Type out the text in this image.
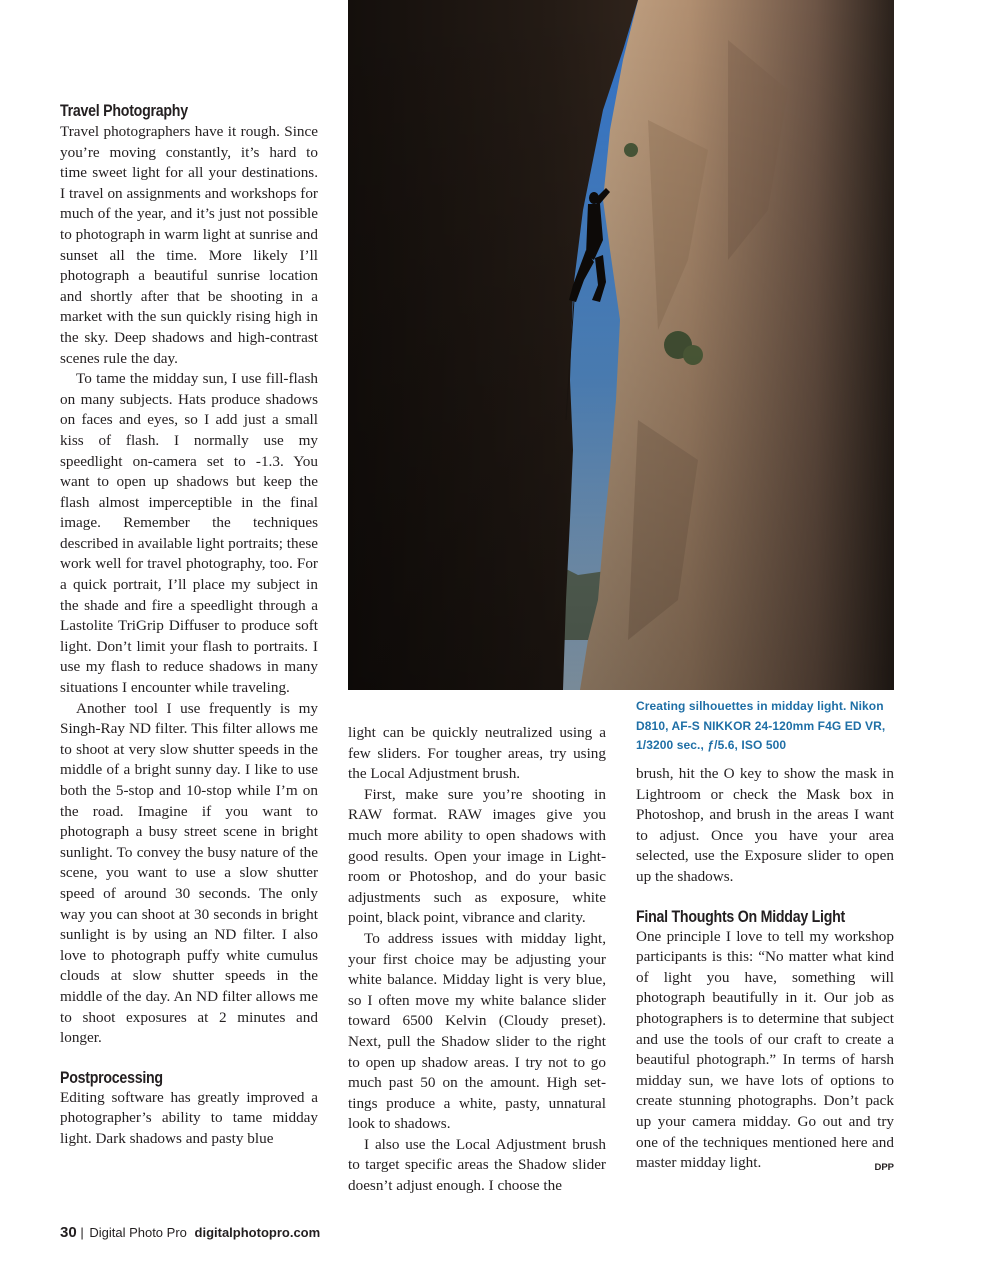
Creating silhouettes in midday light. Nikon D810, AF-S NIKKOR 24-120mm F4G ED VR, 1/3200 sec., ƒ/5.6, ISO 500
Travel Photography

Travel photographers have it rough. Since you’re moving constantly, it’s hard to time sweet light for all your destinations. I travel on assignments and workshops for much of the year, and it’s just not possible to photograph in warm light at sunrise and sunset all the time. More likely I’ll photograph a beautiful sunrise location and shortly after that be shooting in a market with the sun quickly rising high in the sky. Deep shadows and high-contrast scenes rule the day.

To tame the midday sun, I use fill-flash on many subjects. Hats produce shadows on faces and eyes, so I add just a small kiss of flash. I normally use my speedlight on-camera set to -1.3. You want to open up shadows but keep the flash almost imperceptible in the final image. Remember the techniques described in available light portraits; these work well for travel photography, too. For a quick portrait, I’ll place my subject in the shade and fire a speedlight through a Lastolite TriGrip Diffuser to produce soft light. Don’t limit your flash to portraits. I use my flash to reduce shadows in many situations I encounter while traveling.

Another tool I use frequently is my Singh-Ray ND filter. This filter allows me to shoot at very slow shutter speeds in the middle of a bright sunny day. I like to use both the 5-stop and 10-stop while I’m on the road. Imagine if you want to photograph a busy street scene in bright sunlight. To convey the busy nature of the scene, you want to use a slow shutter speed of around 30 seconds. The only way you can shoot at 30 seconds in bright sunlight is by using an ND filter. I also love to photograph puffy white cumulus clouds at slow shutter speeds in the middle of the day. An ND filter allows me to shoot exposures at 2 minutes and longer.

Postprocessing

Editing software has greatly improved a photographer’s ability to tame midday light. Dark shadows and pasty blue

light can be quickly neutralized using a few sliders. For tougher areas, try using the Local Adjustment brush.

First, make sure you’re shooting in RAW format. RAW images give you much more ability to open shadows with good results. Open your image in Lightroom or Photoshop, and do your basic adjustments such as exposure, white point, black point, vibrance and clarity.

To address issues with midday light, your first choice may be adjusting your white balance. Midday light is very blue, so I often move my white balance slider toward 6500 Kelvin (Cloudy preset). Next, pull the Shadow slider to the right to open up shadow areas. I try not to go much past 50 on the amount. High settings produce a white, pasty, unnatural look to shadows.

I also use the Local Adjustment brush to target specific areas the Shadow slider doesn’t adjust enough. I choose the

brush, hit the O key to show the mask in Lightroom or check the Mask box in Photoshop, and brush in the areas I want to adjust. Once you have your area selected, use the Exposure slider to open up the shadows.

Final Thoughts On Midday Light

One principle I love to tell my workshop participants is this: “No matter what kind of light you have, something will photograph beautifully in it. Our job as photographers is to determine that subject and use the tools of our craft to create a beautiful photograph.” In terms of harsh midday sun, we have lots of options to create stunning photographs. Don’t pack up your camera midday. Go out and try one of the techniques mentioned here and master midday light.	DPP

30 | Digital Photo Pro digitalphotopro.com
